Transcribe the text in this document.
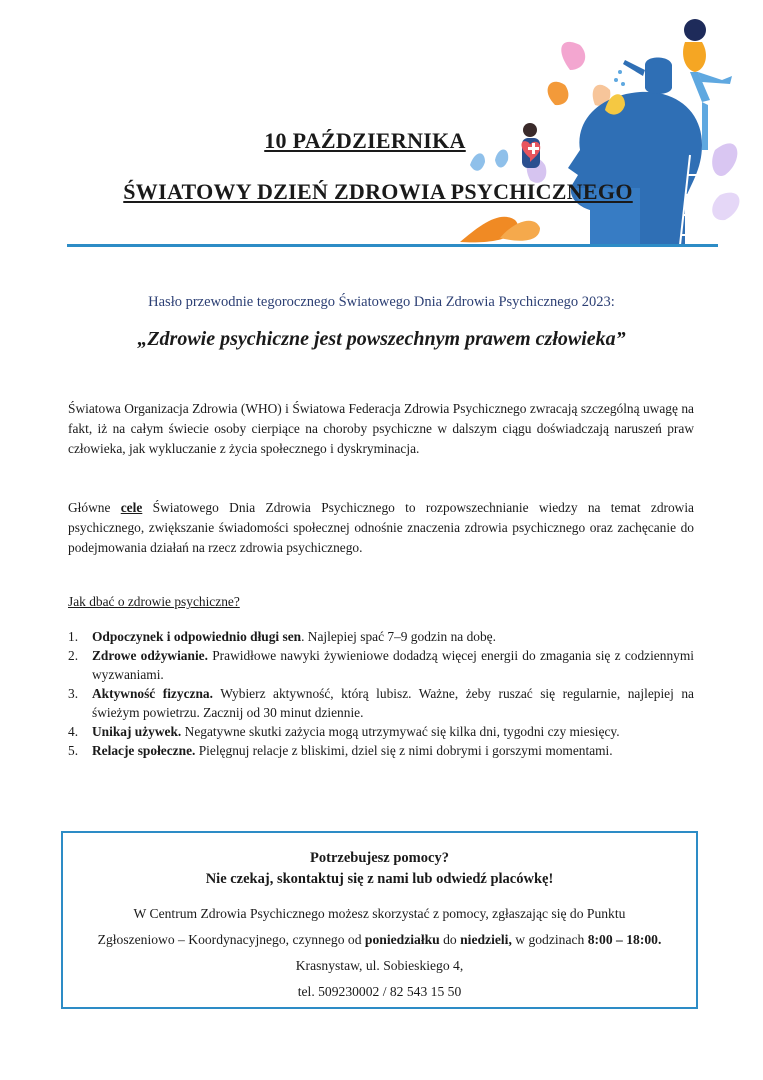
10 PAŹDZIERNIKA
ŚWIATOWY DZIEŃ ZDROWIA PSYCHICZNEGO
Hasło przewodnie tegorocznego Światowego Dnia Zdrowia Psychicznego 2023:
„Zdrowie psychiczne jest powszechnym prawem człowieka”
Światowa Organizacja Zdrowia (WHO) i Światowa Federacja Zdrowia Psychicznego zwracają szczególną uwagę na fakt, iż na całym świecie osoby cierpiące na choroby psychiczne w dalszym ciągu doświadczają naruszeń praw człowieka, jak wykluczanie z życia społecznego i dyskryminacja.
Główne cele Światowego Dnia Zdrowia Psychicznego to rozpowszechnianie wiedzy na temat zdrowia psychicznego, zwiększanie świadomości społecznej odnośnie znaczenia zdrowia psychicznego oraz zachęcanie do podejmowania działań na rzecz zdrowia psychicznego.
Jak dbać o zdrowie psychiczne?
1. Odpoczynek i odpowiednio długi sen. Najlepiej spać 7–9 godzin na dobę.
2. Zdrowe odżywianie. Prawidłowe nawyki żywieniowe dodadzą więcej energii do zmagania się z codziennymi wyzwaniami.
3. Aktywność fizyczna. Wybierz aktywność, którą lubisz. Ważne, żeby ruszać się regularnie, najlepiej na świeżym powietrzu. Zacznij od 30 minut dziennie.
4. Unikaj używek. Negatywne skutki zażycia mogą utrzymywać się kilka dni, tygodni czy miesięcy.
5. Relacje społeczne. Pielęgnuj relacje z bliskimi, dziel się z nimi dobrymi i gorszymi momentami.
Potrzebujesz pomocy?
Nie czekaj, skontaktuj się z nami lub odwiedź placówkę!
W Centrum Zdrowia Psychicznego możesz skorzystać z pomocy, zgłaszając się do Punktu
Zgłoszeniowo – Koordynacyjnego, czynnego od poniedziałku do niedzieli, w godzinach 8:00 – 18:00.
Krasnystaw, ul. Sobieskiego 4,
tel. 509230002 / 82 543 15 50
